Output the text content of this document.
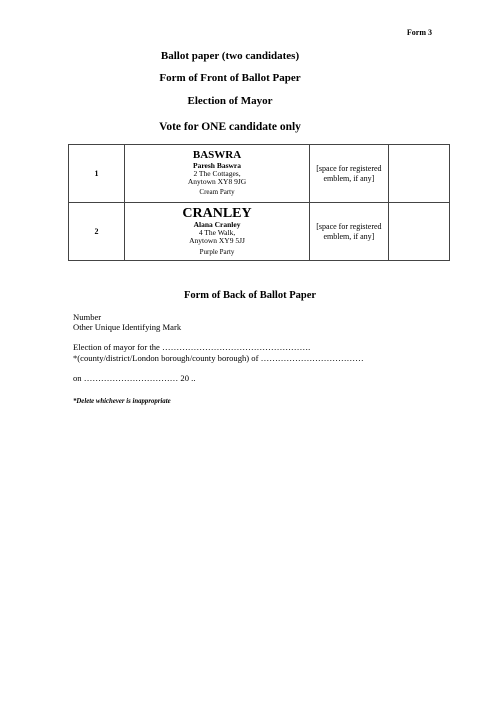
Form 3
Ballot paper (two candidates)
Form of Front of Ballot Paper
Election of Mayor
Vote for ONE candidate only
1	BASWRA
Paresh Baswra
2 The Cottages,
Anytown XY8 9JG
Cream Party	[space for registered emblem, if any]	
2	CRANLEY
Alana Cranley
4 The Walk,
Anytown XY9 5JJ
Purple Party	[space for registered emblem, if any]	
Form of Back of Ballot Paper
Number
Other Unique Identifying Mark
Election of mayor for the …………………………………………….
*(county/district/London borough/county borough) of ………………………………
on …………………………… 20 ..
*Delete whichever is inappropriate
